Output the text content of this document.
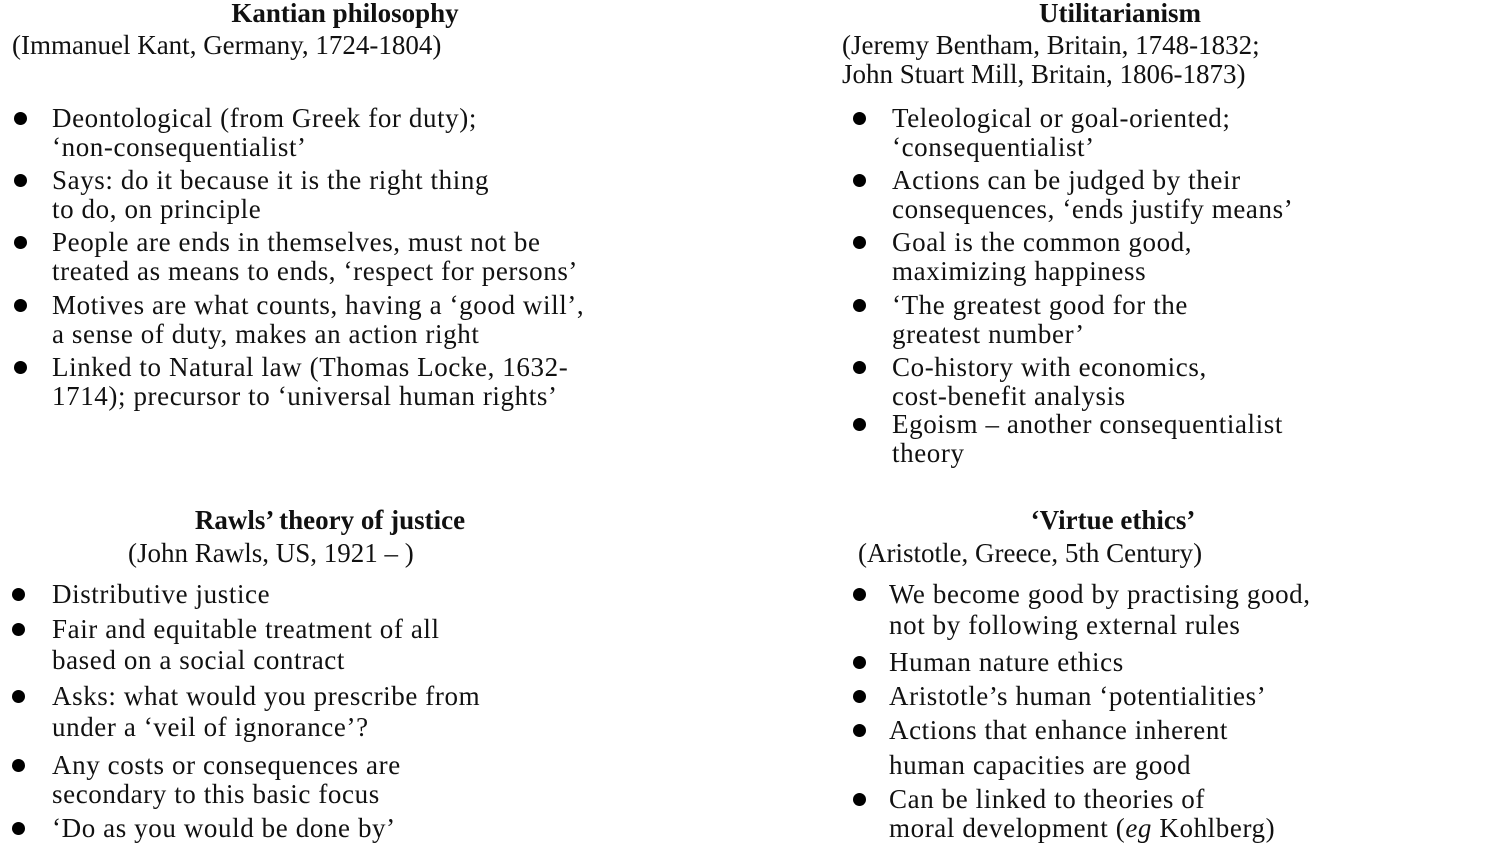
Kantian philosophy
(Immanuel Kant, Germany, 1724-1804)
Deontological (from Greek for duty);
‘non-consequentialist’
Says: do it because it is the right thing
to do, on principle
People are ends in themselves, must not be
treated as means to ends, ‘respect for persons’
Motives are what counts, having a ‘good will’,
a sense of duty, makes an action right
Linked to Natural law (Thomas Locke, 1632-
1714); precursor to ‘universal human rights’
Utilitarianism
(Jeremy Bentham, Britain, 1748-1832;
John Stuart Mill, Britain, 1806-1873)
Teleological or goal-oriented;
‘consequentialist’
Actions can be judged by their
consequences, ‘ends justify means’
Goal is the common good,
maximizing happiness
‘The greatest good for the
greatest number’
Co-history with economics,
cost-benefit analysis
Egoism – another consequentialist
theory
Rawls’ theory of justice
(John Rawls, US, 1921 – )
Distributive justice
Fair and equitable treatment of all
based on a social contract
Asks: what would you prescribe from
under a ‘veil of ignorance’?
Any costs or consequences are
secondary to this basic focus
‘Do as you would be done by’
‘Virtue ethics’
(Aristotle, Greece, 5th Century)
We become good by practising good,
not by following external rules
Human nature ethics
Aristotle’s human ‘potentialities’
Actions that enhance inherent
human capacities are good
Can be linked to theories of
moral development (eg Kohlberg)
